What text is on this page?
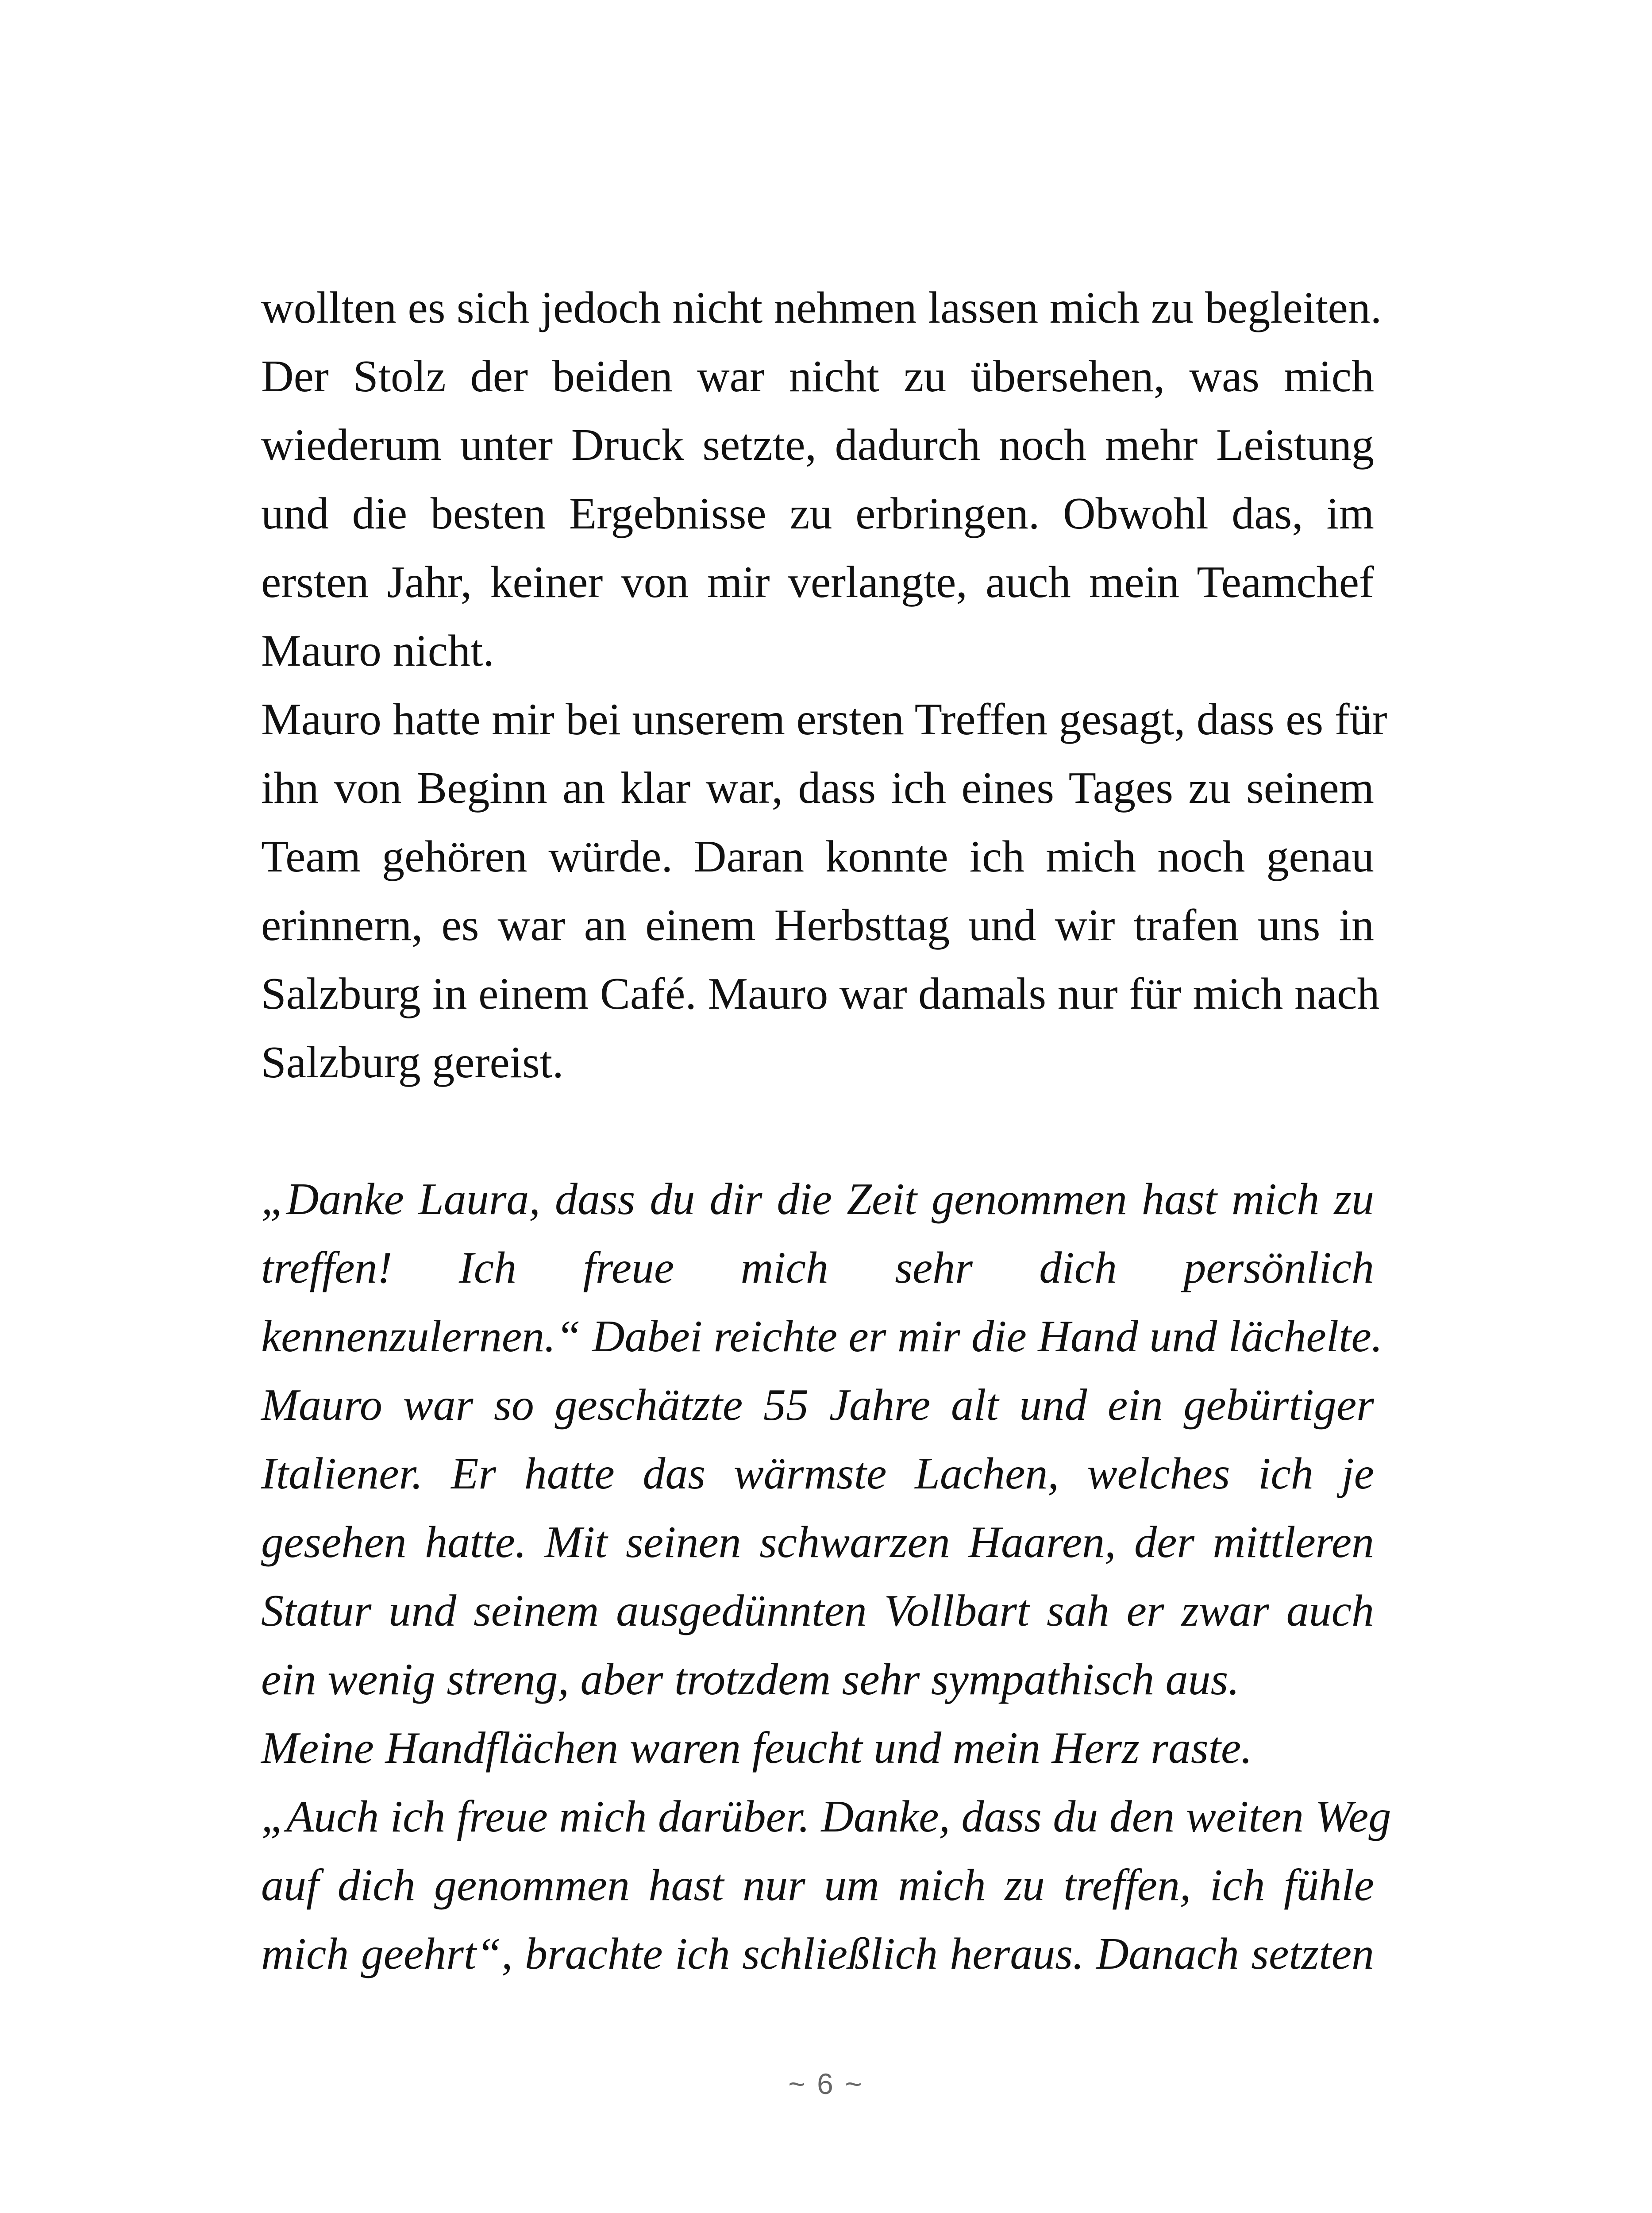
wollten es sich jedoch nicht nehmen lassen mich zu begleiten.
Der Stolz der beiden war nicht zu übersehen, was mich
wiederum unter Druck setzte, dadurch noch mehr Leistung
und die besten Ergebnisse zu erbringen. Obwohl das, im
ersten Jahr, keiner von mir verlangte, auch mein Teamchef
Mauro nicht.
Mauro hatte mir bei unserem ersten Treffen gesagt, dass es für
ihn von Beginn an klar war, dass ich eines Tages zu seinem
Team gehören würde. Daran konnte ich mich noch genau
erinnern, es war an einem Herbsttag und wir trafen uns in
Salzburg in einem Café. Mauro war damals nur für mich nach
Salzburg gereist.
„Danke Laura, dass du dir die Zeit genommen hast mich zu
treffen! Ich freue mich sehr dich persönlich
kennenzulernen.“ Dabei reichte er mir die Hand und lächelte.
Mauro war so geschätzte 55 Jahre alt und ein gebürtiger
Italiener. Er hatte das wärmste Lachen, welches ich je
gesehen hatte. Mit seinen schwarzen Haaren, der mittleren
Statur und seinem ausgedünnten Vollbart sah er zwar auch
ein wenig streng, aber trotzdem sehr sympathisch aus.
Meine Handflächen waren feucht und mein Herz raste.
„Auch ich freue mich darüber. Danke, dass du den weiten Weg
auf dich genommen hast nur um mich zu treffen, ich fühle
mich geehrt“, brachte ich schließlich heraus. Danach setzten
~ 6 ~
